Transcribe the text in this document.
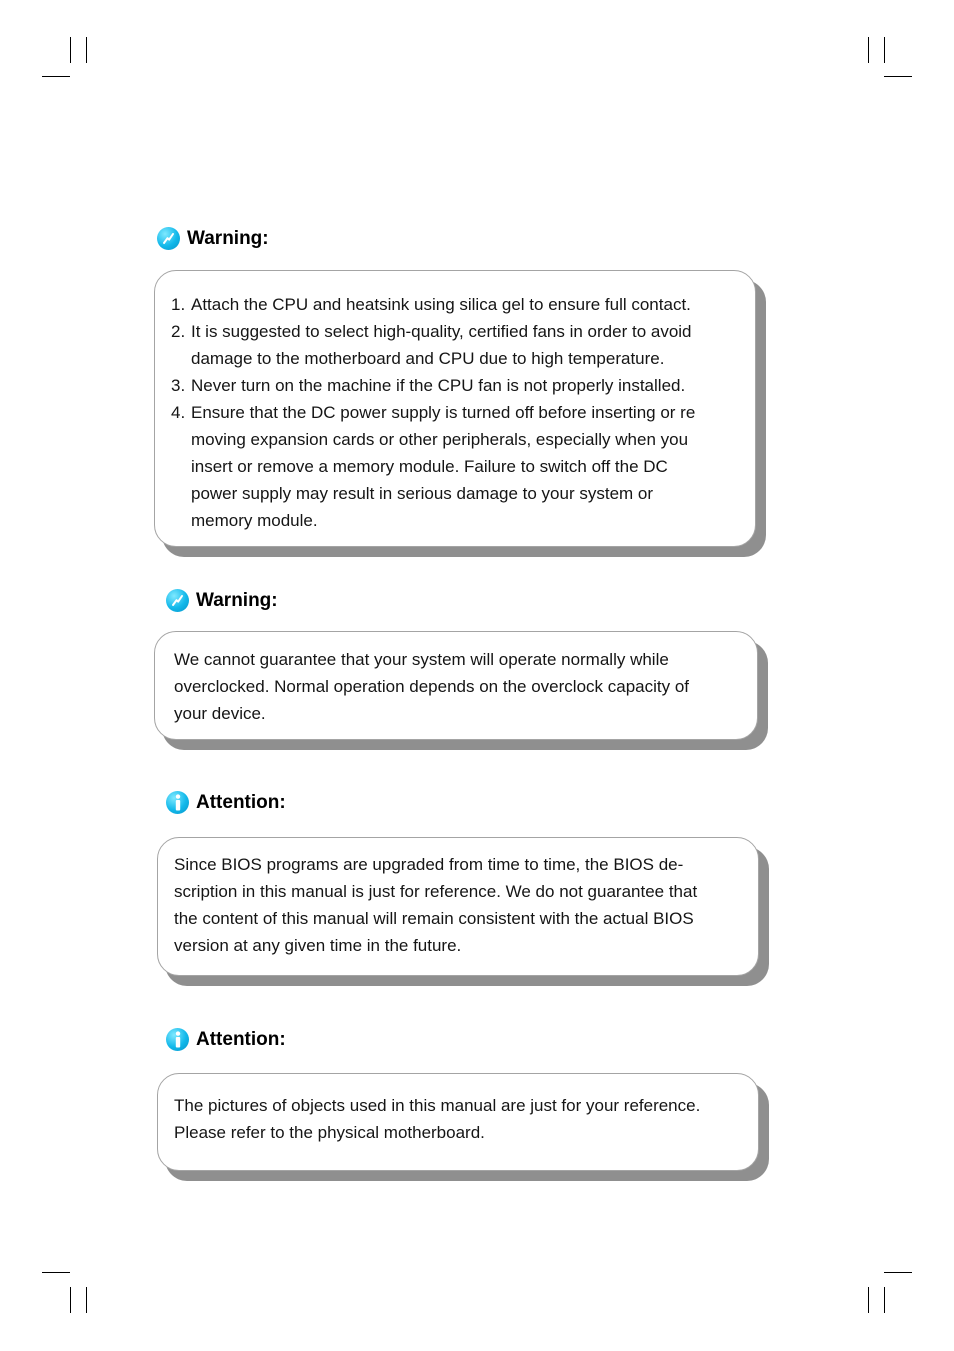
Warning:
1. Attach the CPU and heatsink using silica gel to ensure full contact.
2. It is suggested to select high-quality, certified fans in order to avoid
damage to the motherboard and CPU due to high temperature.
3. Never turn on the machine if the CPU fan is not properly installed.
4. Ensure that the DC power supply is turned off before inserting or re
moving expansion cards or other peripherals, especially when you
insert or remove a memory module. Failure to switch off the DC
power supply may result in serious damage to your system or
memory module.
Warning:

We cannot guarantee that your system will operate normally while

overclocked. Normal operation depends on the overclock capacity of

your device.

Attention:

Since BIOS programs are upgraded from time to time, the BIOS de-

scription in this manual is just for reference. We do not guarantee that

the content of this manual will remain consistent with the actual BIOS

version at any given time in the future.

Attention:

The pictures of objects used in this manual are just for your reference.

Please refer to the physical motherboard.
